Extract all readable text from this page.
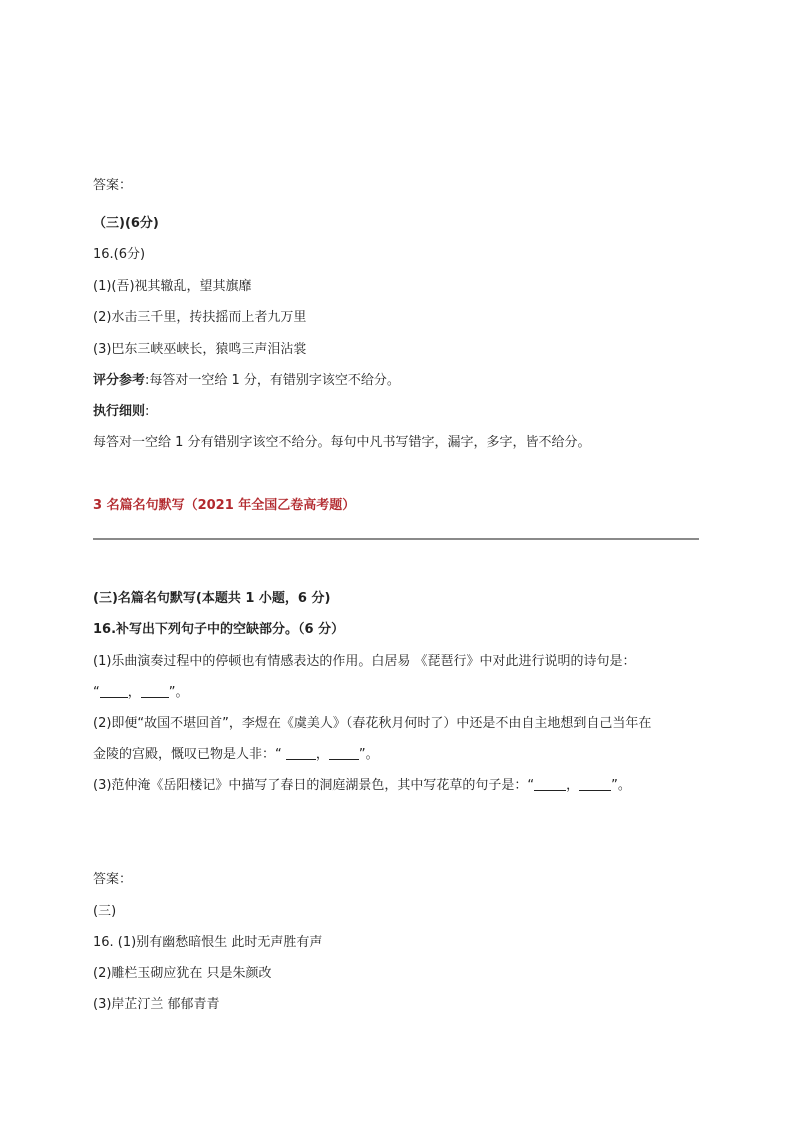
答案：
（三)(6分)
16.(6分)
(1)(吾)视其辙乱，望其旗靡
(2)水击三千里，抟扶摇而上者九万里
(3)巴东三峡巫峡长，猿鸣三声泪沾裳
评分参考:每答对一空给 1 分，有错别字该空不给分。
执行细则:
每答对一空给 1 分有错别字该空不给分。每句中凡书写错字，漏字，多字，皆不给分。
3 名篇名句默写（2021 年全国乙卷高考题）
(三)名篇名句默写(本题共 1 小题，6 分)
16.补写出下列句子中的空缺部分。（6 分）
(1)乐曲演奏过程中的停顿也有情感表达的作用。白居易 《琵琶行》中对此进行说明的诗句是：
“ ， ”。
(2)即便“故国不堪回首”，李煜在《虞美人》（春花秋月何时了）中还是不由自主地想到自己当年在
金陵的宫殿，慨叹已物是人非：“ ， ”。
(3)范仲淹《岳阳楼记》中描写了春日的洞庭湖景色，其中写花草的句子是：“ ， ”。
答案：
(三)
16. (1)别有幽愁暗恨生 此时无声胜有声
(2)雕栏玉砌应犹在 只是朱颜改
(3)岸芷汀兰 郁郁青青
